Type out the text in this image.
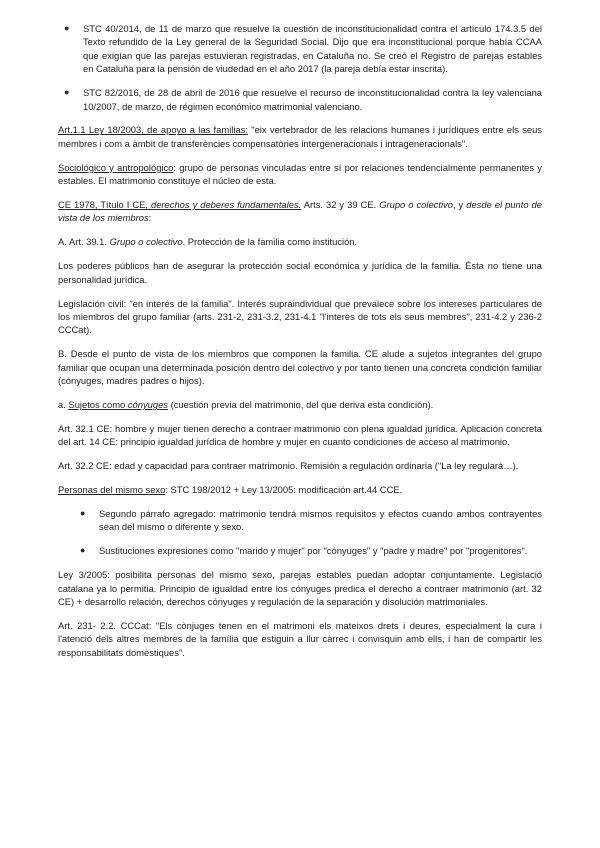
● STC 40/2014, de 11 de marzo que resuelve la cuestión de inconstitucionalidad contra el artículo 174.3.5 del Texto refundido de la Ley general de la Seguridad Social. Dijo que era inconstitucional porque había CCAA que exigían que las parejas estuvieran registradas, en Cataluña no. Se creó el Registro de parejas estables en Cataluña para la pensión de viudedad en el año 2017 (la pareja debía estar inscrita).
● STC 82/2016, de 28 de abril de 2016 que resuelve el recurso de inconstitucionalidad contra la ley valenciana 10/2007, de marzo, de régimen económico matrimonial valenciano.

Art.1.1 Ley 18/2003, de apoyo a las familias: "eix vertebrador de les relacions humanes i jurídiques entre els seus membres i com a àmbit de transferències compensatòries intergeneracionals i intrageneracionals".

Sociológico y antropológico: grupo de personas vinculadas entre sí por relaciones tendencialmente permanentes y estables. El matrimonio constituye el núcleo de esta.

CE 1978, Título I CE, derechos y deberes fundamentales. Arts. 32 y 39 CE. Grupo o colectivo, y desde el punto de vista de los miembros:

A. Art. 39.1. Grupo o colectivo. Protección de la familia como institución.

Los poderes públicos han de asegurar la protección social económica y jurídica de la familia. Ésta no tiene una personalidad jurídica.

Legislación civil: "en interés de la familia". Interés supraindividual que prevalece sobre los intereses particulares de los miembros del grupo familiar (arts. 231-2, 231-3.2, 231-4.1 "l'interès de tots els seus membres", 231-4.2 y 236-2 CCCat).

B. Desde el punto de vista de los miembros que componen la familia. CE alude a sujetos integrantes del grupo familiar que ocupan una determinada posición dentro del colectivo y por tanto tienen una concreta condición familiar (cónyuges, madres padres o hijos).

a. Sujetos como cónyuges (cuestión previa del matrimonio, del que deriva esta condición).

Art. 32.1 CE: hombre y mujer tienen derecho a contraer matrimonio con plena igualdad jurídica. Aplicación concreta del art. 14 CE: principio igualdad jurídica de hombre y mujer en cuanto condiciones de acceso al matrimonio.

Art. 32.2 CE: edad y capacidad para contraer matrimonio. Remisión a regulación ordinaria ("La ley regulará…).

Personas del mismo sexo: STC 198/2012 + Ley 13/2005: modificación art.44 CCE.

● Segundo párrafo agregado: matrimonio tendrá mismos requisitos y efectos cuando ambos contrayentes sean del mismo o diferente y sexo.
● Sustituciones expresiones como "marido y mujer" por "cónyuges" y "padre y madre" por "progenitores".

Ley 3/2005: posibilita personas del mismo sexo, parejas estables puedan adoptar conjuntamente. Legislació catalana ya lo permitia. Principio de igualdad entre los cónyuges predica el derecho a contraer matrimonio (art. 32 CE) + desarrollo relación, derechos cónyuges y regulación de la separación y disolución matrimoniales.

Art. 231- 2.2. CCCat: "Els cònjuges tenen en el matrimoni els mateixos drets i deures, especialment la cura i l'atenció dels altres membres de la família que estiguin a llur càrrec i convisquin amb ells, i han de compartir les responsabilitats domèstiques".
